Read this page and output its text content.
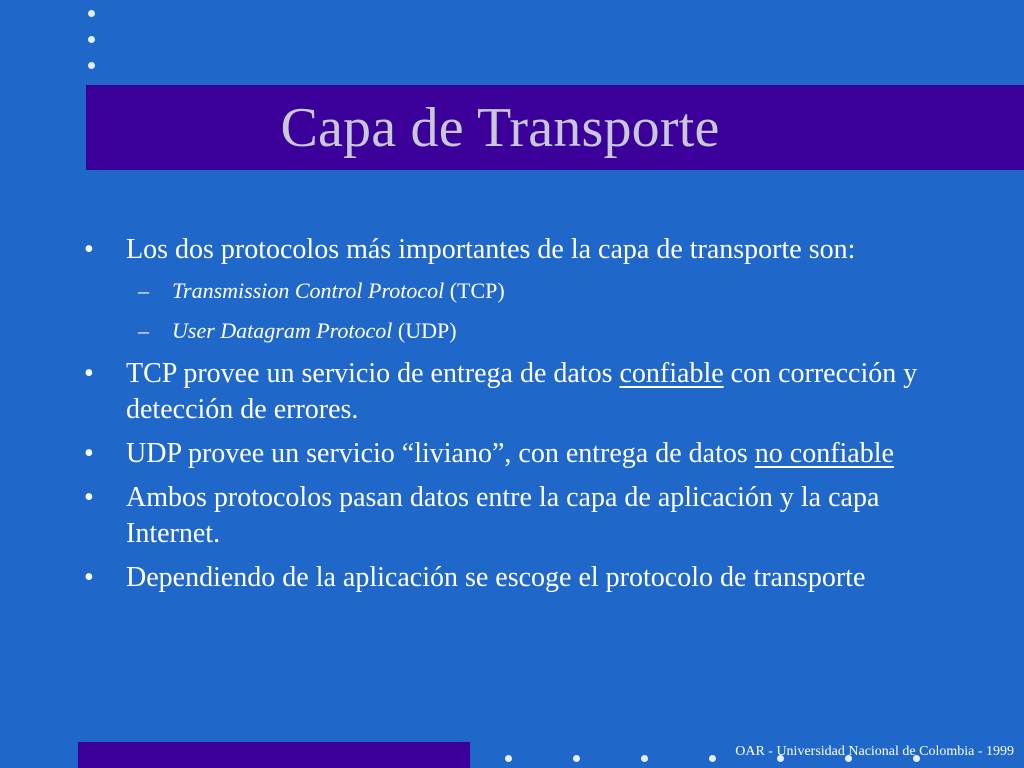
Capa de Transporte
•	Los dos protocolos más importantes de la capa de transporte son:
–	Transmission Control Protocol (TCP)
–	User Datagram Protocol (UDP)
•	TCP provee un servicio de entrega de datos confiable con corrección y detección de errores.
•	UDP provee un servicio “liviano”, con entrega de datos no confiable
•	Ambos protocolos pasan datos entre la capa de aplicación y la capa Internet.
•	Dependiendo de la aplicación se escoge el protocolo de transporte
OAR - Universidad Nacional de Colombia - 1999
